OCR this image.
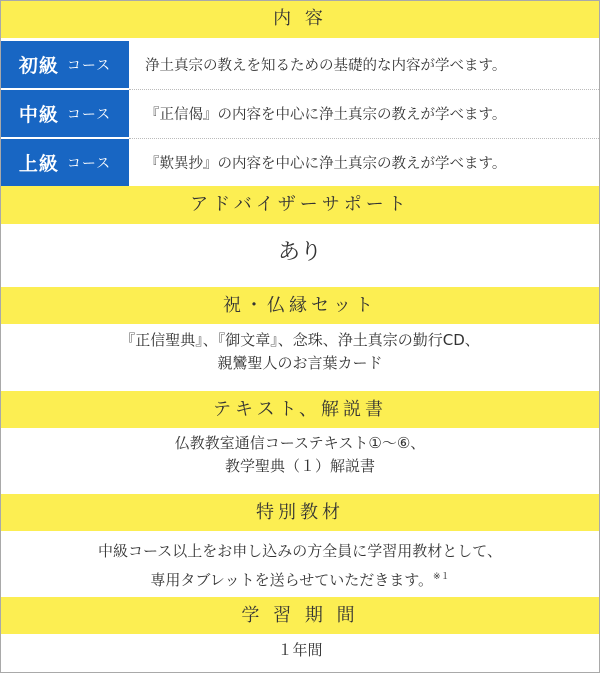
内 容
初級 コース 浄土真宗の教えを知るための基礎的な内容が学べます。
中級 コース 『正信偈』の内容を中心に浄土真宗の教えが学べます。
上級 コース 『歎異抄』の内容を中心に浄土真宗の教えが学べます。
アドバイザーサポート
あり
祝・仏縁セット
『正信聖典』、『御文章』、念珠、浄土真宗の勤行CD、
親鸞聖人のお言葉カード
テキスト、解説書
仏教教室通信コーステキスト①～⑥、
教学聖典（１）解説書
特別教材
中級コース以上をお申し込みの方全員に学習用教材として、
専用タブレットを送らせていただきます。$^{※1}$
学 習 期 間
１年間
